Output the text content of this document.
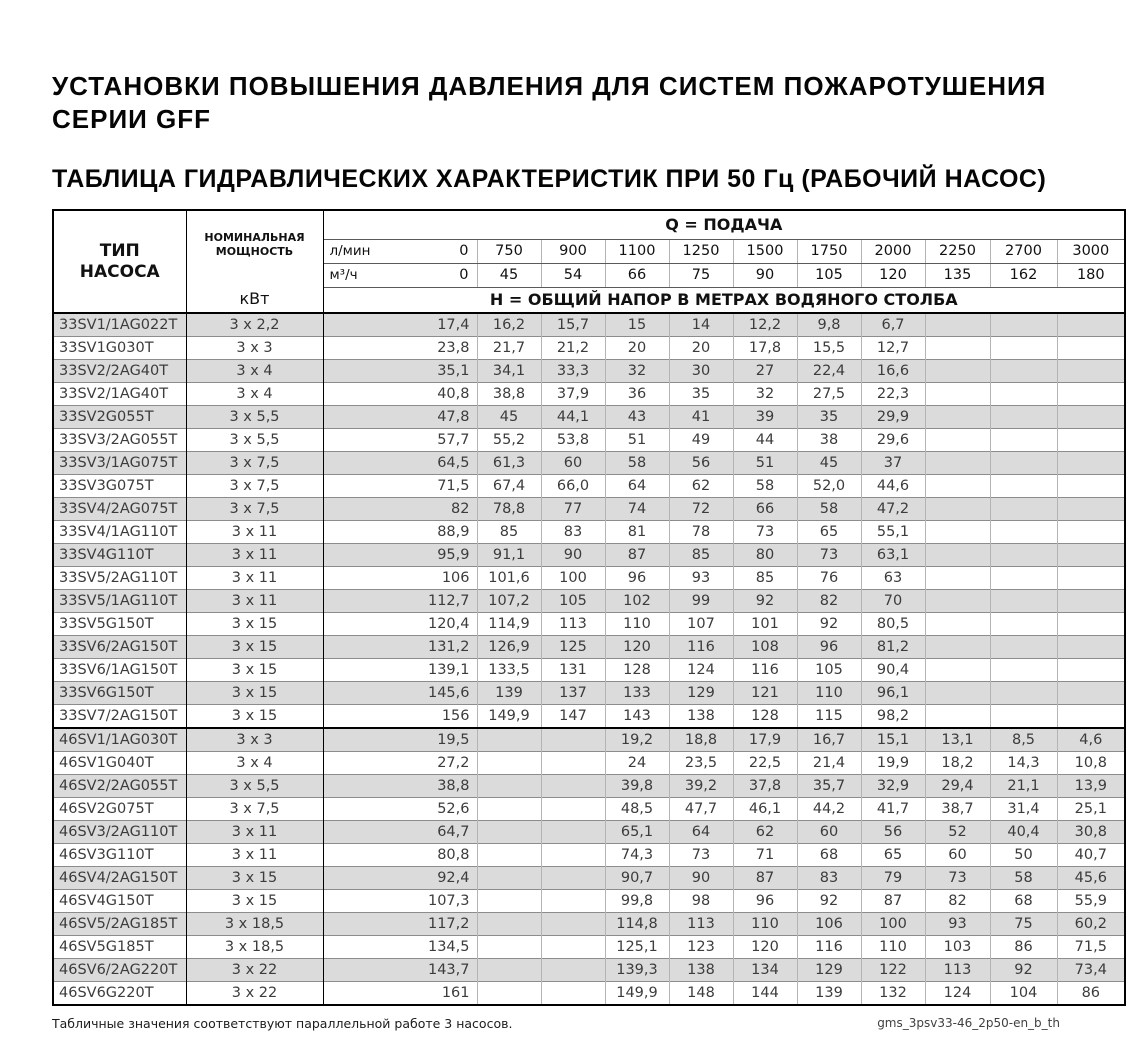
УСТАНОВКИ ПОВЫШЕНИЯ ДАВЛЕНИЯ ДЛЯ СИСТЕМ ПОЖАРОТУШЕНИЯ
СЕРИИ GFF
ТАБЛИЦА ГИДРАВЛИЧЕСКИХ ХАРАКТЕРИСТИК ПРИ 50 Гц (РАБОЧИЙ НАСОС)
ТИП
НАСОСА

НОМИНАЛЬНАЯ
МОЩНОСТЬ
кВт
	Q = ПОДАЧА

		л/мин 0	750	900	1100	1250	1500	1750	2000	2250	2700	3000

		м³/ч 0	45	54	66	75	90	105	120	135	162	180
		Н = ОБЩИЙ НАПОР В МЕТРАХ ВОДЯНОГО СТОЛБА										
33SV1/1AG022T	3 x 2,2	17,4	16,2	15,7	15	14	12,2	9,8	6,7			
33SV1G030T	3 x 3	23,8	21,7	21,2	20	20	17,8	15,5	12,7			
33SV2/2AG40T	3 x 4	35,1	34,1	33,3	32	30	27	22,4	16,6			
33SV2/1AG40T	3 x 4	40,8	38,8	37,9	36	35	32	27,5	22,3			
33SV2G055T	3 x 5,5	47,8	45	44,1	43	41	39	35	29,9			
33SV3/2AG055T	3 x 5,5	57,7	55,2	53,8	51	49	44	38	29,6			
33SV3/1AG075T	3 x 7,5	64,5	61,3	60	58	56	51	45	37			
33SV3G075T	3 x 7,5	71,5	67,4	66,0	64	62	58	52,0	44,6			
33SV4/2AG075T	3 x 7,5	82	78,8	77	74	72	66	58	47,2			
33SV4/1AG110T	3 x 11	88,9	85	83	81	78	73	65	55,1			
33SV4G110T	3 x 11	95,9	91,1	90	87	85	80	73	63,1			
33SV5/2AG110T	3 x 11	106	101,6	100	96	93	85	76	63			
33SV5/1AG110T	3 x 11	112,7	107,2	105	102	99	92	82	70			
33SV5G150T	3 x 15	120,4	114,9	113	110	107	101	92	80,5			
33SV6/2AG150T	3 x 15	131,2	126,9	125	120	116	108	96	81,2			
33SV6/1AG150T	3 x 15	139,1	133,5	131	128	124	116	105	90,4			
33SV6G150T	3 x 15	145,6	139	137	133	129	121	110	96,1			
33SV7/2AG150T	3 x 15	156	149,9	147	143	138	128	115	98,2			
46SV1/1AG030T	3 x 3	19,5			19,2	18,8	17,9	16,7	15,1	13,1	8,5	4,6
46SV1G040T	3 x 4	27,2			24	23,5	22,5	21,4	19,9	18,2	14,3	10,8
46SV2/2AG055T	3 x 5,5	38,8			39,8	39,2	37,8	35,7	32,9	29,4	21,1	13,9
46SV2G075T	3 x 7,5	52,6			48,5	47,7	46,1	44,2	41,7	38,7	31,4	25,1
46SV3/2AG110T	3 x 11	64,7			65,1	64	62	60	56	52	40,4	30,8
46SV3G110T	3 x 11	80,8			74,3	73	71	68	65	60	50	40,7
46SV4/2AG150T	3 x 15	92,4			90,7	90	87	83	79	73	58	45,6
46SV4G150T	3 x 15	107,3			99,8	98	96	92	87	82	68	55,9
46SV5/2AG185T	3 x 18,5	117,2			114,8	113	110	106	100	93	75	60,2
46SV5G185T	3 x 18,5	134,5			125,1	123	120	116	110	103	86	71,5
46SV6/2AG220T	3 x 22	143,7			139,3	138	134	129	122	113	92	73,4
46SV6G220T	3 x 22	161			149,9	148	144	139	132	124	104	86
Табличные значения соответствуют параллельной работе 3 насосов.	gms_3psv33-46_2p50-en_b_th
